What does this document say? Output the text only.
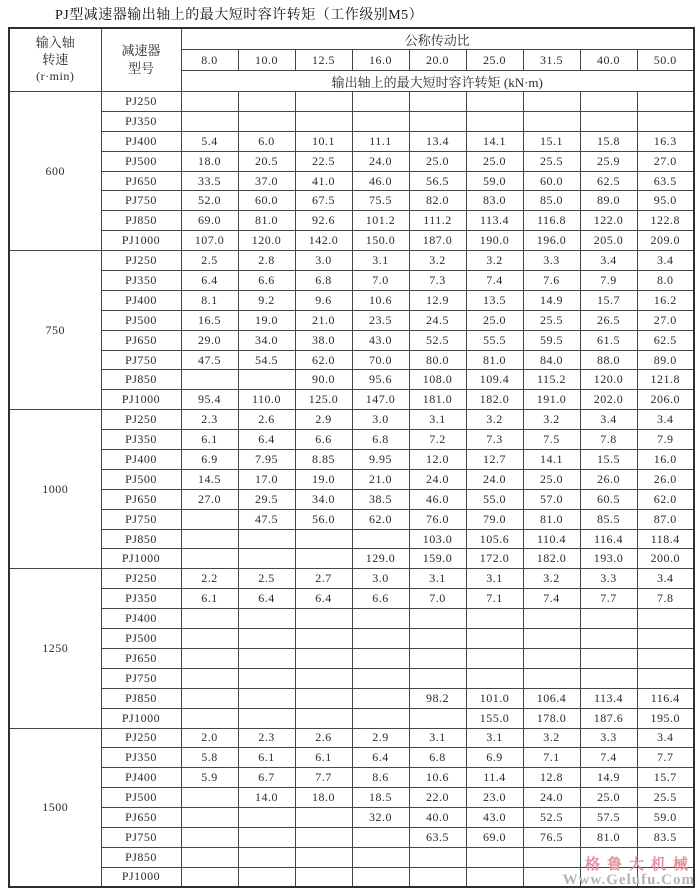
PJ型减速器输出轴上的最大短时容许转矩（工作级别M5）
输入轴
转速
(r·min)

减速器
型号
	公称传动比
		8.0	10.0	12.5	16.0	20.0	25.0	31.5	40.0	50.0
		输出轴上的最大短时容许转矩 (kN·m)								
600	PJ250									
	PJ350									
	PJ400	5.4	6.0	10.1	11.1	13.4	14.1	15.1	15.8	16.3
	PJ500	18.0	20.5	22.5	24.0	25.0	25.0	25.5	25.9	27.0
	PJ650	33.5	37.0	41.0	46.0	56.5	59.0	60.0	62.5	63.5
	PJ750	52.0	60.0	67.5	75.5	82.0	83.0	85.0	89.0	95.0
	PJ850	69.0	81.0	92.6	101.2	111.2	113.4	116.8	122.0	122.8
	PJ1000	107.0	120.0	142.0	150.0	187.0	190.0	196.0	205.0	209.0
750	PJ250	2.5	2.8	3.0	3.1	3.2	3.2	3.3	3.4	3.4
	PJ350	6.4	6.6	6.8	7.0	7.3	7.4	7.6	7.9	8.0
	PJ400	8.1	9.2	9.6	10.6	12.9	13.5	14.9	15.7	16.2
	PJ500	16.5	19.0	21.0	23.5	24.5	25.0	25.5	26.5	27.0
	PJ650	29.0	34.0	38.0	43.0	52.5	55.5	59.5	61.5	62.5
	PJ750	47.5	54.5	62.0	70.0	80.0	81.0	84.0	88.0	89.0
	PJ850			90.0	95.6	108.0	109.4	115.2	120.0	121.8
	PJ1000	95.4	110.0	125.0	147.0	181.0	182.0	191.0	202.0	206.0
1000	PJ250	2.3	2.6	2.9	3.0	3.1	3.2	3.2	3.4	3.4
	PJ350	6.1	6.4	6.6	6.8	7.2	7.3	7.5	7.8	7.9
	PJ400	6.9	7.95	8.85	9.95	12.0	12.7	14.1	15.5	16.0
	PJ500	14.5	17.0	19.0	21.0	24.0	24.0	25.0	26.0	26.0
	PJ650	27.0	29.5	34.0	38.5	46.0	55.0	57.0	60.5	62.0
	PJ750		47.5	56.0	62.0	76.0	79.0	81.0	85.5	87.0
	PJ850					103.0	105.6	110.4	116.4	118.4
	PJ1000				129.0	159.0	172.0	182.0	193.0	200.0
1250	PJ250	2.2	2.5	2.7	3.0	3.1	3.1	3.2	3.3	3.4
	PJ350	6.1	6.4	6.4	6.6	7.0	7.1	7.4	7.7	7.8
	PJ400									
	PJ500									
	PJ650									
	PJ750									
	PJ850					98.2	101.0	106.4	113.4	116.4
	PJ1000						155.0	178.0	187.6	195.0
1500	PJ250	2.0	2.3	2.6	2.9	3.1	3.1	3.2	3.3	3.4
	PJ350	5.8	6.1	6.1	6.4	6.8	6.9	7.1	7.4	7.7
	PJ400	5.9	6.7	7.7	8.6	10.6	11.4	12.8	14.9	15.7
	PJ500		14.0	18.0	18.5	22.0	23.0	24.0	25.0	25.5
	PJ650				32.0	40.0	43.0	52.5	57.5	59.0
	PJ750					63.5	69.0	76.5	81.0	83.5
	PJ850									
	PJ1000									
格鲁大机械
Www.Gelufu.Com
